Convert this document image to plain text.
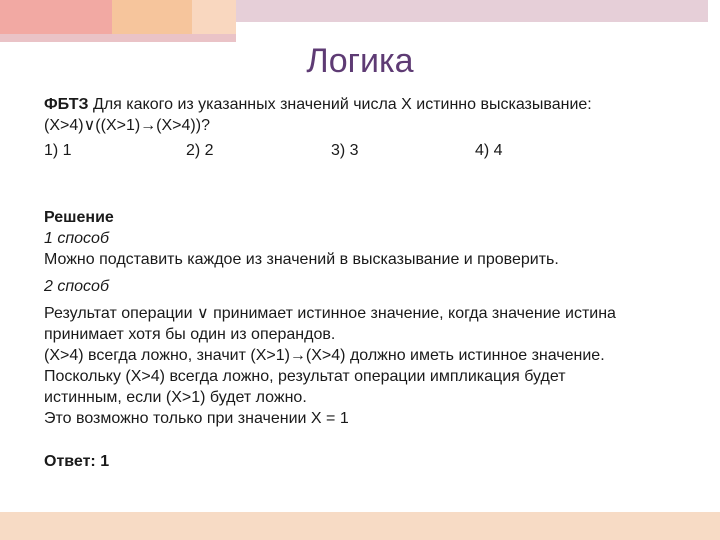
Логика
ФБТЗ Для какого из указанных значений числа X истинно высказывание:
(X>4)∨((X>1)→(X>4))?
1) 1	2) 2	3) 3	4) 4
Решение
1 способ
Можно подставить каждое из значений в высказывание и проверить.
2 способ
Результат операции ∨ принимает истинное значение, когда значение истина
принимает хотя бы один из операндов.
(X>4) всегда ложно, значит (X>1)→(X>4) должно иметь истинное значение.
Поскольку (X>4) всегда ложно, результат операции импликация будет
истинным, если (X>1) будет ложно.
Это возможно только при значении X = 1
Ответ: 1
